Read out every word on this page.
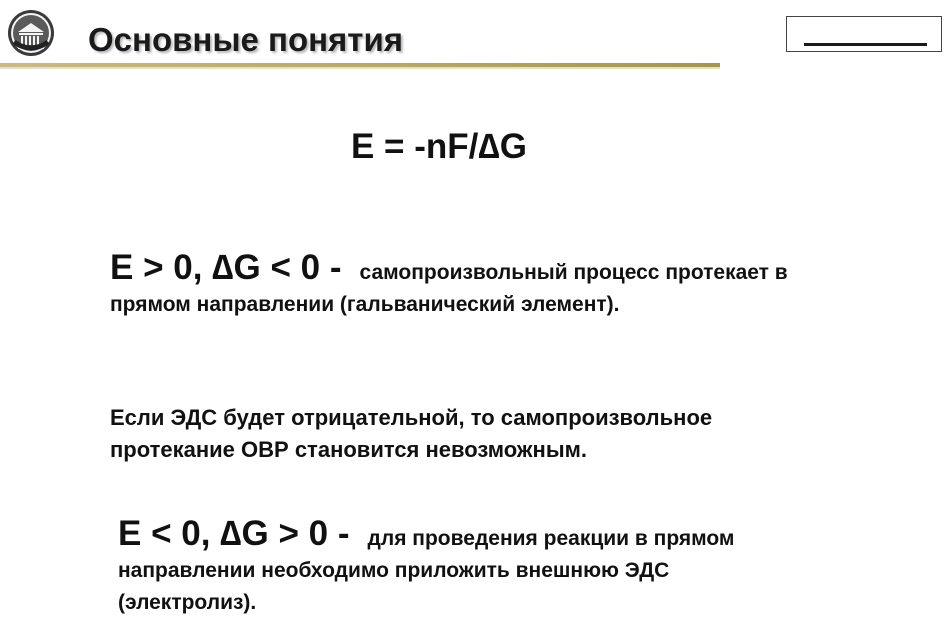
Основные понятия
E = -nF/∆G
E > 0, ∆G < 0 - самопроизвольный процесс протекает в
прямом направлении (гальванический элемент).
Если ЭДС будет отрицательной, то самопроизвольное
протекание ОВР становится невозможным.
E < 0, ∆G > 0 - для проведения реакции в прямом
направлении необходимо приложить внешнюю ЭДС
(электролиз).
